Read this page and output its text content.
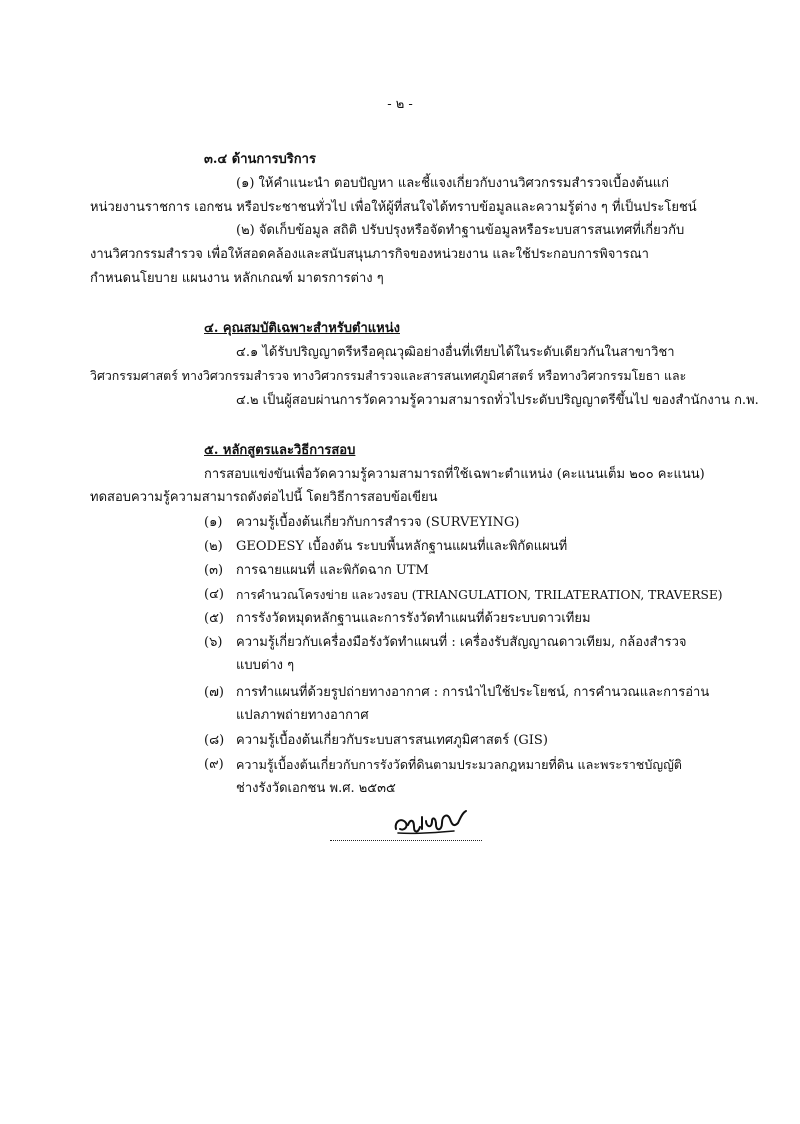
- ๒ -
๓.๔ ด้านการบริการ
(๑) ให้คำแนะนำ ตอบปัญหา และชี้แจงเกี่ยวกับงานวิศวกรรมสำรวจเบื้องต้นแก่
หน่วยงานราชการ เอกชน หรือประชาชนทั่วไป เพื่อให้ผู้ที่สนใจได้ทราบข้อมูลและความรู้ต่าง ๆ ที่เป็นประโยชน์
(๒) จัดเก็บข้อมูล สถิติ ปรับปรุงหรือจัดทำฐานข้อมูลหรือระบบสารสนเทศที่เกี่ยวกับ
งานวิศวกรรมสำรวจ เพื่อให้สอดคล้องและสนับสนุนภารกิจของหน่วยงาน และใช้ประกอบการพิจารณา
กำหนดนโยบาย แผนงาน หลักเกณฑ์ มาตรการต่าง ๆ
๔. คุณสมบัติเฉพาะสำหรับตำแหน่ง
๔.๑ ได้รับปริญญาตรีหรือคุณวุฒิอย่างอื่นที่เทียบได้ในระดับเดียวกันในสาขาวิชา
วิศวกรรมศาสตร์ ทางวิศวกรรมสำรวจ ทางวิศวกรรมสำรวจและสารสนเทศภูมิศาสตร์ หรือทางวิศวกรรมโยธา และ
๔.๒ เป็นผู้สอบผ่านการวัดความรู้ความสามารถทั่วไประดับปริญญาตรีขึ้นไป ของสำนักงาน ก.พ.
๕. หลักสูตรและวิธีการสอบ
การสอบแข่งขันเพื่อวัดความรู้ความสามารถที่ใช้เฉพาะตำแหน่ง (คะแนนเต็ม ๒๐๐ คะแนน)
ทดสอบความรู้ความสามารถดังต่อไปนี้ โดยวิธีการสอบข้อเขียน
(๑) ความรู้เบื้องต้นเกี่ยวกับการสำรวจ (SURVEYING)
(๒) GEODESY เบื้องต้น ระบบพื้นหลักฐานแผนที่และพิกัดแผนที่
(๓) การฉายแผนที่ และพิกัดฉาก UTM
(๔) การคำนวณโครงข่าย และวงรอบ (TRIANGULATION, TRILATERATION, TRAVERSE)
(๕) การรังวัดหมุดหลักฐานและการรังวัดทำแผนที่ด้วยระบบดาวเทียม
(๖) ความรู้เกี่ยวกับเครื่องมือรังวัดทำแผนที่ : เครื่องรับสัญญาณดาวเทียม, กล้องสำรวจ
แบบต่าง ๆ
(๗) การทำแผนที่ด้วยรูปถ่ายทางอากาศ : การนำไปใช้ประโยชน์, การคำนวณและการอ่าน
แปลภาพถ่ายทางอากาศ
(๘) ความรู้เบื้องต้นเกี่ยวกับระบบสารสนเทศภูมิศาสตร์ (GIS)
(๙) ความรู้เบื้องต้นเกี่ยวกับการรังวัดที่ดินตามประมวลกฎหมายที่ดิน และพระราชบัญญัติ
ช่างรังวัดเอกชน พ.ศ. ๒๕๓๕
